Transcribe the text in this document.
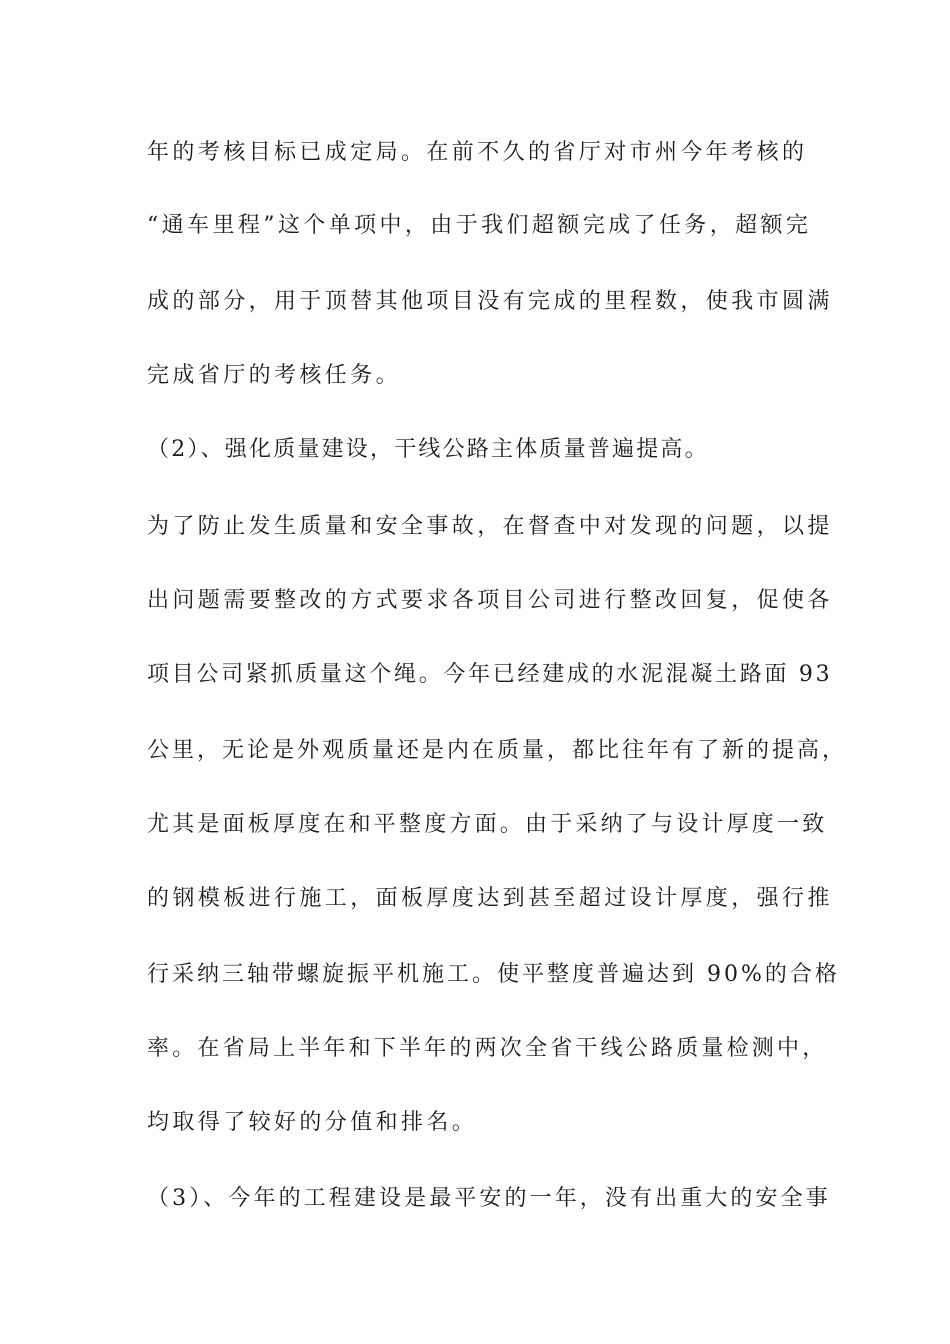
年的考核目标已成定局。在前不久的省厅对市州今年考核的
“通车里程”这个单项中，由于我们超额完成了任务，超额完
成的部分，用于顶替其他项目没有完成的里程数，使我市圆满
完成省厅的考核任务。
（2）、强化质量建设，干线公路主体质量普遍提高。
为了防止发生质量和安全事故，在督查中对发现的问题，以提
出问题需要整改的方式要求各项目公司进行整改回复，促使各
项目公司紧抓质量这个绳。今年已经建成的水泥混凝土路面 93
公里，无论是外观质量还是内在质量，都比往年有了新的提高，
尤其是面板厚度在和平整度方面。由于采纳了与设计厚度一致
的钢模板进行施工，面板厚度达到甚至超过设计厚度，强行推
行采纳三轴带螺旋振平机施工。使平整度普遍达到 90%的合格
率。在省局上半年和下半年的两次全省干线公路质量检测中，
均取得了较好的分值和排名。
（3）、今年的工程建设是最平安的一年，没有出重大的安全事
